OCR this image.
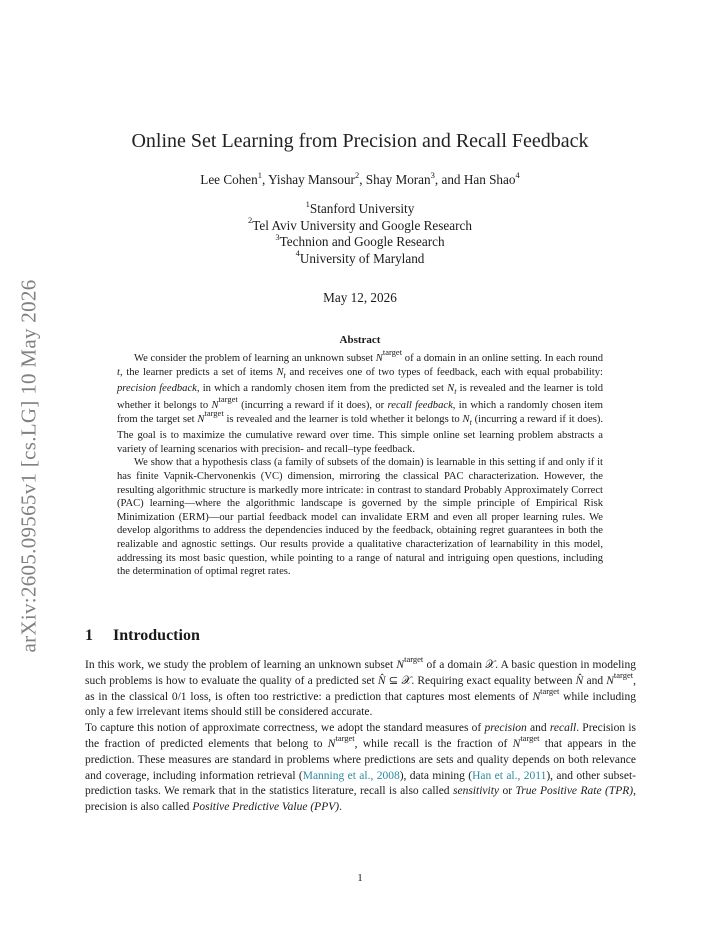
arXiv:2605.09565v1 [cs.LG] 10 May 2026
Online Set Learning from Precision and Recall Feedback
Lee Cohen$^1$, Yishay Mansour$^2$, Shay Moran$^3$, and Han Shao$^4$
$^1$Stanford University
$^2$Tel Aviv University and Google Research
$^3$Technion and Google Research
$^4$University of Maryland
May 12, 2026
Abstract

We consider the problem of learning an unknown subset $N^{target}$ of a domain in an online setting. In each round t, the learner predicts a set of items $N_t$ and receives one of two types of feedback, each with equal probability: precision feedback, in which a randomly chosen item from the predicted set $N_t$ is revealed and the learner is told whether it belongs to $N^{target}$ (incurring a reward if it does), or recall feedback, in which a randomly chosen item from the target set $N^{target}$ is revealed and the learner is told whether it belongs to $N_t$ (incurring a reward if it does). The goal is to maximize the cumulative reward over time. This simple online set learning problem abstracts a variety of learning scenarios with precision- and recall–type feedback.

We show that a hypothesis class (a family of subsets of the domain) is learnable in this setting if and only if it has finite Vapnik-Chervonenkis (VC) dimension, mirroring the classical PAC characterization. However, the resulting algorithmic structure is markedly more intricate: in contrast to standard Probably Approximately Correct (PAC) learning—where the algorithmic landscape is governed by the simple principle of Empirical Risk Minimization (ERM)—our partial feedback model can invalidate ERM and even all proper learning rules. We develop algorithms to address the dependencies induced by the feedback, obtaining regret guarantees in both the realizable and agnostic settings. Our results provide a qualitative characterization of learnability in this model, addressing its most basic question, while pointing to a range of natural and intriguing open questions, including the determination of optimal regret rates.

1 Introduction

In this work, we study the problem of learning an unknown subset $N^{target}$ of a domain 𝒳. A basic question in modeling such problems is how to evaluate the quality of a predicted set N̂ ⊆ 𝒳. Requiring exact equality between N̂ and $N^{target}$, as in the classical 0/1 loss, is often too restrictive: a prediction that captures most elements of $N^{target}$ while including only a few irrelevant items should still be considered accurate.

To capture this notion of approximate correctness, we adopt the standard measures of precision and recall. Precision is the fraction of predicted elements that belong to $N^{target}$, while recall is the fraction of $N^{target}$ that appears in the prediction. These measures are standard in problems where predictions are sets and quality depends on both relevance and coverage, including information retrieval (Manning et al., 2008), data mining (Han et al., 2011), and other subset-prediction tasks. We remark that in the statistics literature, recall is also called sensitivity or True Positive Rate (TPR), precision is also called Positive Predictive Value (PPV).

1
